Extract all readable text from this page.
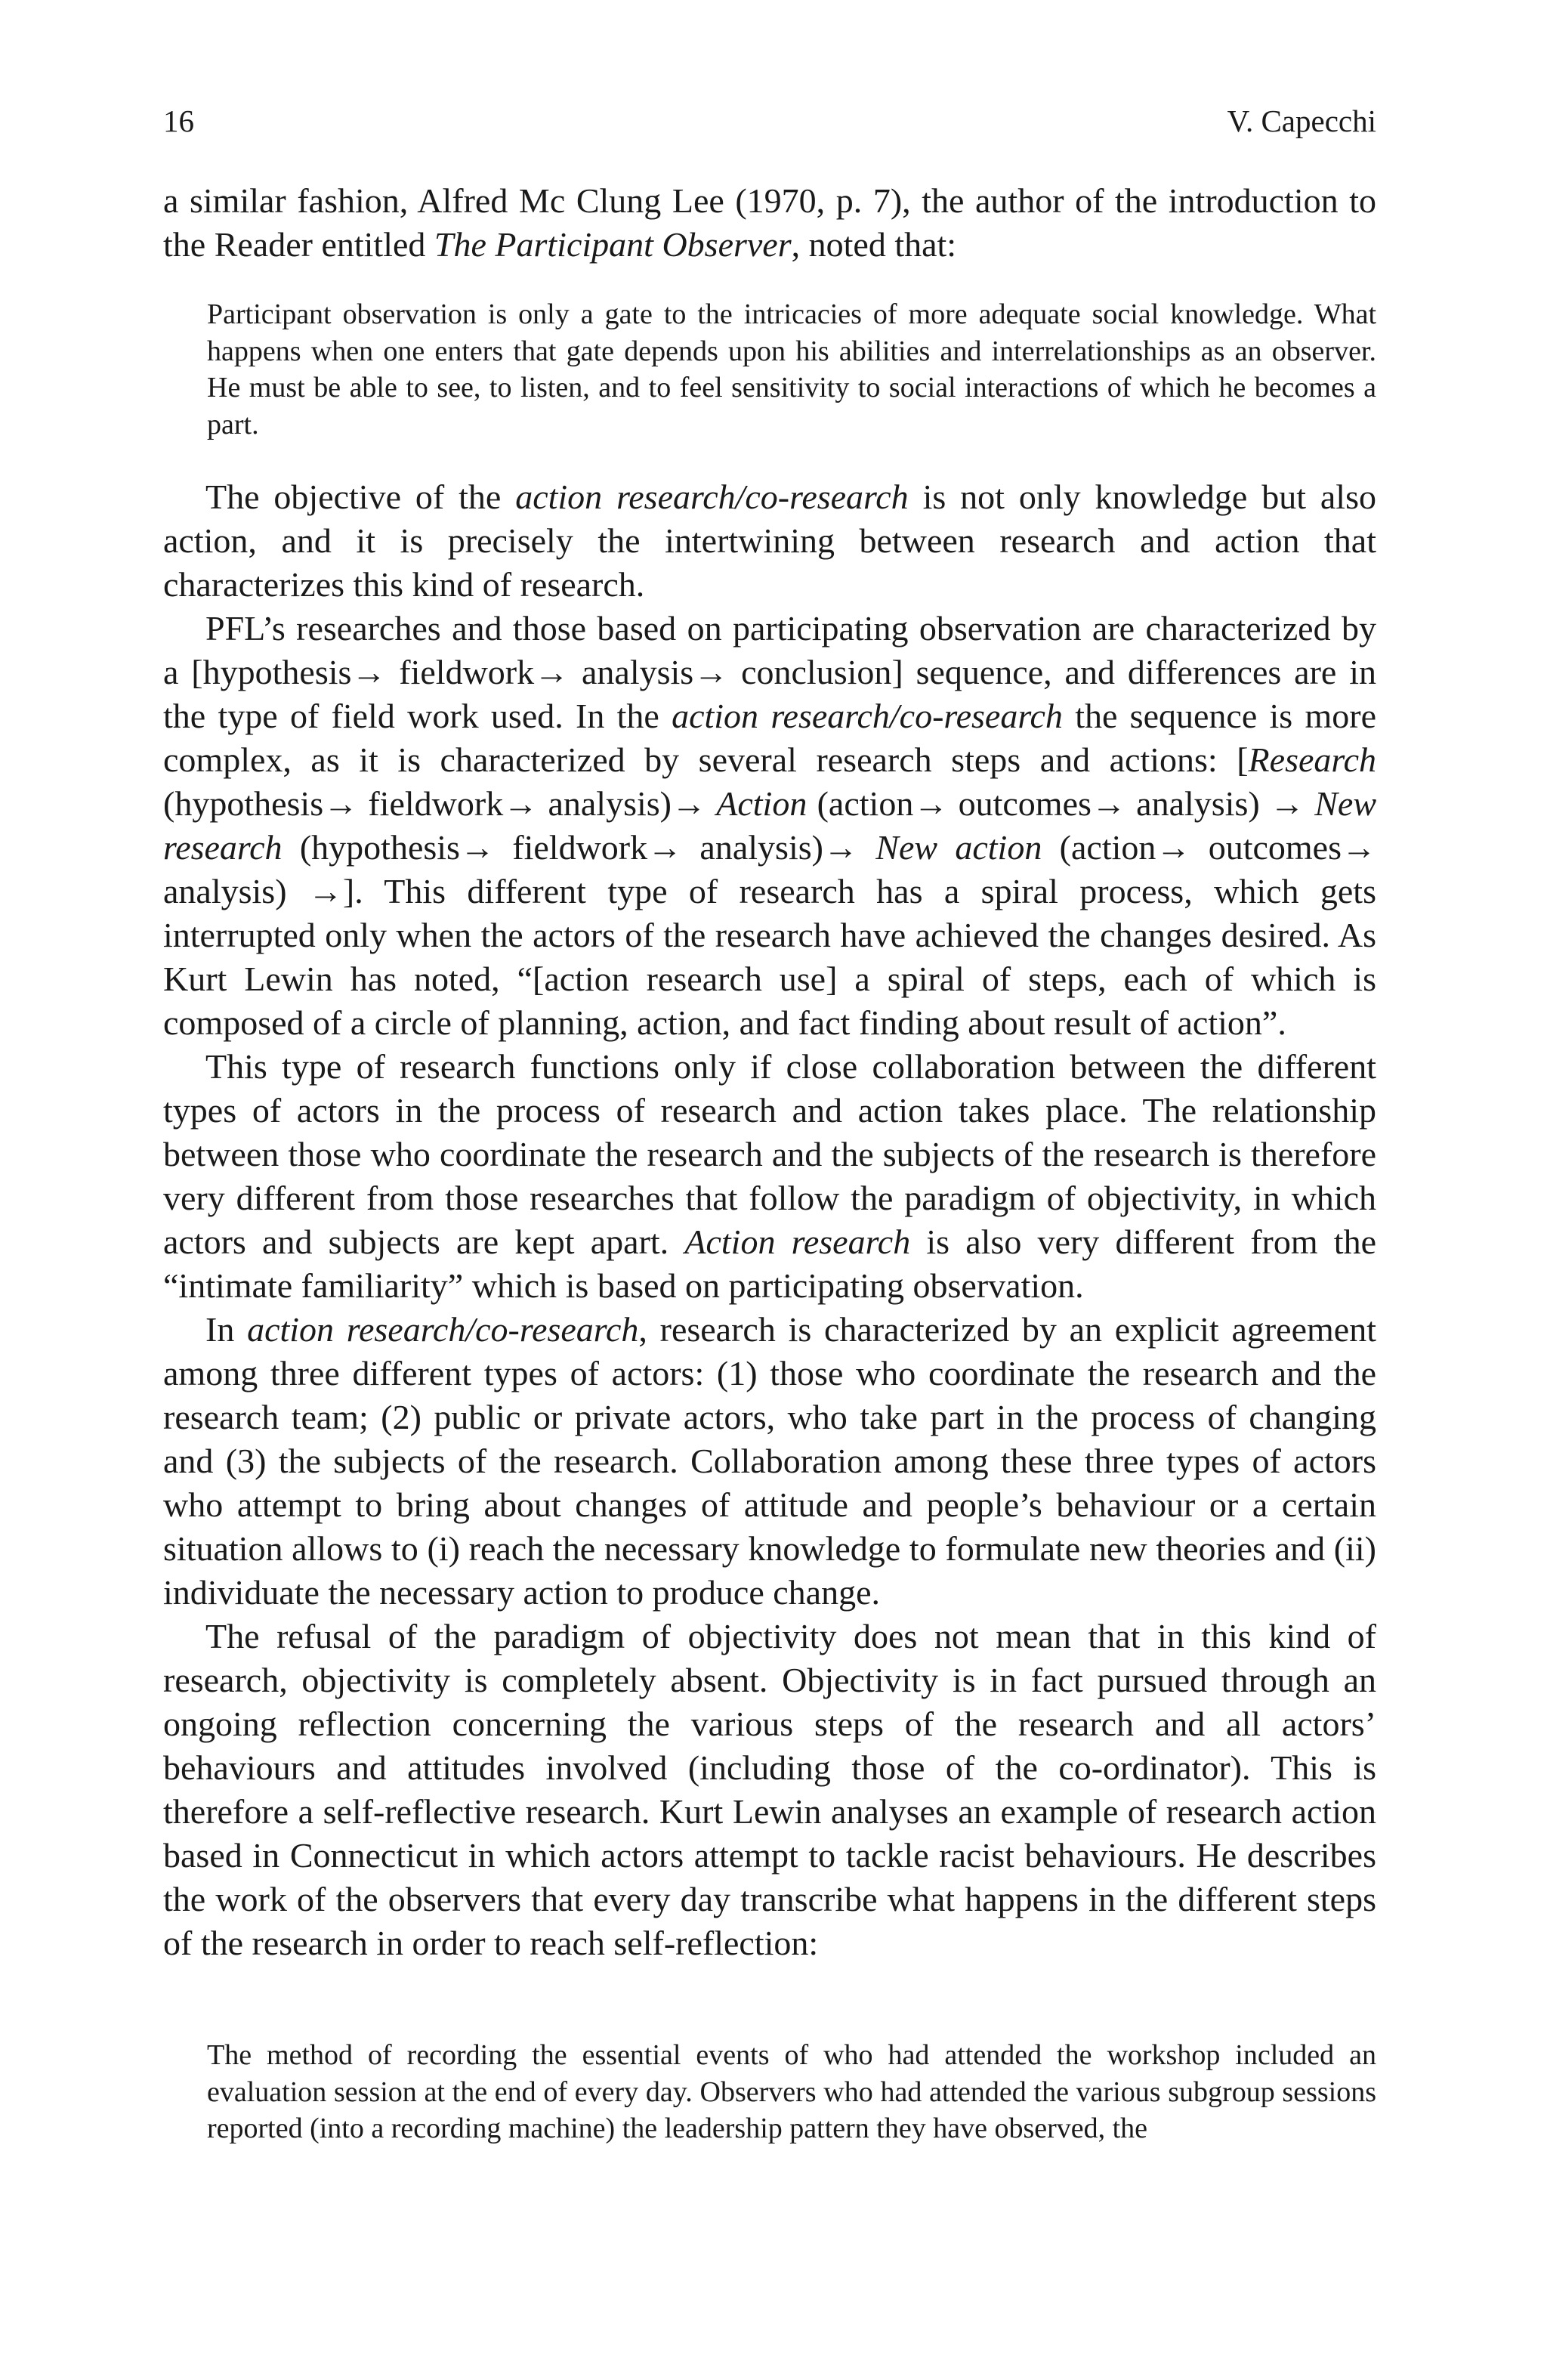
16	V. Capecchi

a similar fashion, Alfred Mc Clung Lee (1970, p. 7), the author of the introduction to the Reader entitled The Participant Observer, noted that:

Participant observation is only a gate to the intricacies of more adequate social knowledge. What happens when one enters that gate depends upon his abilities and interrelationships as an observer. He must be able to see, to listen, and to feel sensitivity to social interactions of which he becomes a part.

The objective of the action research/co-research is not only knowledge but also action, and it is precisely the intertwining between research and action that characterizes this kind of research.

PFL’s researches and those based on participating observation are characterized by a [hypothesis→ fieldwork→ analysis→ conclusion] sequence, and differences are in the type of field work used. In the action research/co-research the sequence is more complex, as it is characterized by several research steps and actions: [Research (hypothesis→ fieldwork→ analysis)→ Action (action→ outcomes→ analysis) → New research (hypothesis→ fieldwork→ analysis)→ New action (action→ outcomes→ analysis) →]. This different type of research has a spiral process, which gets interrupted only when the actors of the research have achieved the changes desired. As Kurt Lewin has noted, “[action research use] a spiral of steps, each of which is composed of a circle of planning, action, and fact finding about result of action”.

This type of research functions only if close collaboration between the different types of actors in the process of research and action takes place. The relationship between those who coordinate the research and the subjects of the research is therefore very different from those researches that follow the paradigm of objectivity, in which actors and subjects are kept apart. Action research is also very different from the “intimate familiarity” which is based on participating observation.

In action research/co-research, research is characterized by an explicit agreement among three different types of actors: (1) those who coordinate the research and the research team; (2) public or private actors, who take part in the process of changing and (3) the subjects of the research. Collaboration among these three types of actors who attempt to bring about changes of attitude and people’s behaviour or a certain situation allows to (i) reach the necessary knowledge to formulate new theories and (ii) individuate the necessary action to produce change.

The refusal of the paradigm of objectivity does not mean that in this kind of research, objectivity is completely absent. Objectivity is in fact pursued through an ongoing reflection concerning the various steps of the research and all actors’ behaviours and attitudes involved (including those of the co-ordinator). This is therefore a self-reflective research. Kurt Lewin analyses an example of research action based in Connecticut in which actors attempt to tackle racist behaviours. He describes the work of the observers that every day transcribe what happens in the different steps of the research in order to reach self-reflection:

The method of recording the essential events of who had attended the workshop included an evaluation session at the end of every day. Observers who had attended the various subgroup sessions reported (into a recording machine) the leadership pattern they have observed, the
